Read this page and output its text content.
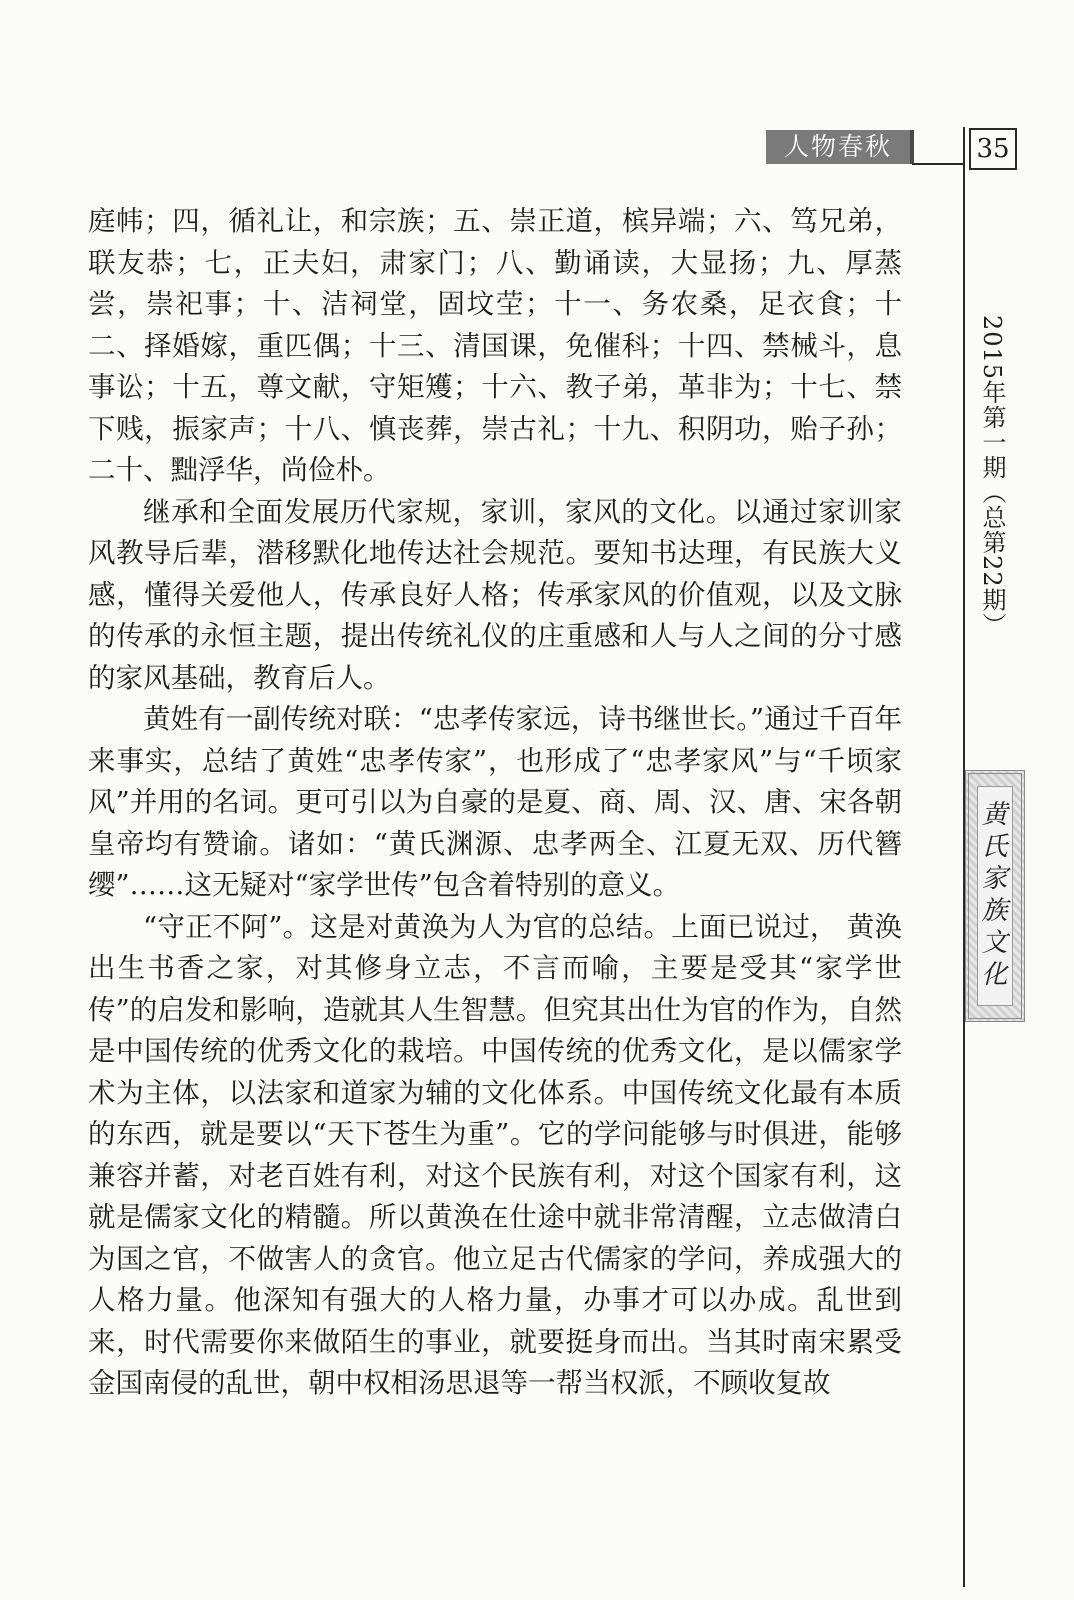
人物春秋	35
2015年第一期（总第22期）
黄氏家族文化

庭帏；四，循礼让，和宗族；五、崇正道，槟异端；六、笃兄弟，联友恭；七，正夫妇，肃家门；八、勤诵读，大显扬；九、厚蒸尝，崇祀事；十、洁祠堂，固坟茔；十一、务农桑，足衣食；十二、择婚嫁，重匹偶；十三、清国课，免催科；十四、禁械斗，息事讼；十五，尊文献，守矩矱；十六、教子弟，革非为；十七、禁下贱，振家声；十八、慎丧葬，崇古礼；十九、积阴功，贻子孙；二十、黜浮华，尚俭朴。

继承和全面发展历代家规，家训，家风的文化。以通过家训家风教导后辈，潜移默化地传达社会规范。要知书达理，有民族大义感，懂得关爱他人，传承良好人格；传承家风的价值观，以及文脉的传承的永恒主题，提出传统礼仪的庄重感和人与人之间的分寸感的家风基础，教育后人。

黄姓有一副传统对联：“忠孝传家远，诗书继世长。”通过千百年来事实，总结了黄姓“忠孝传家”，也形成了“忠孝家风”与“千顷家风”并用的名词。更可引以为自豪的是夏、商、周、汉、唐、宋各朝皇帝均有赞谕。诸如：“黄氏渊源、忠孝两全、江夏无双、历代簪缨”……这无疑对“家学世传”包含着特别的意义。

“守正不阿”。这是对黄涣为人为官的总结。上面已说过， 黄涣出生书香之家，对其修身立志，不言而喻，主要是受其“家学世传”的启发和影响，造就其人生智慧。但究其出仕为官的作为，自然是中国传统的优秀文化的栽培。中国传统的优秀文化，是以儒家学术为主体，以法家和道家为辅的文化体系。中国传统文化最有本质的东西，就是要以“天下苍生为重”。它的学问能够与时俱进，能够兼容并蓄，对老百姓有利，对这个民族有利，对这个国家有利，这就是儒家文化的精髓。所以黄涣在仕途中就非常清醒，立志做清白为国之官，不做害人的贪官。他立足古代儒家的学问，养成强大的人格力量。他深知有强大的人格力量，办事才可以办成。乱世到来，时代需要你来做陌生的事业，就要挺身而出。当其时南宋累受金国南侵的乱世，朝中权相汤思退等一帮当权派，不顾收复故
